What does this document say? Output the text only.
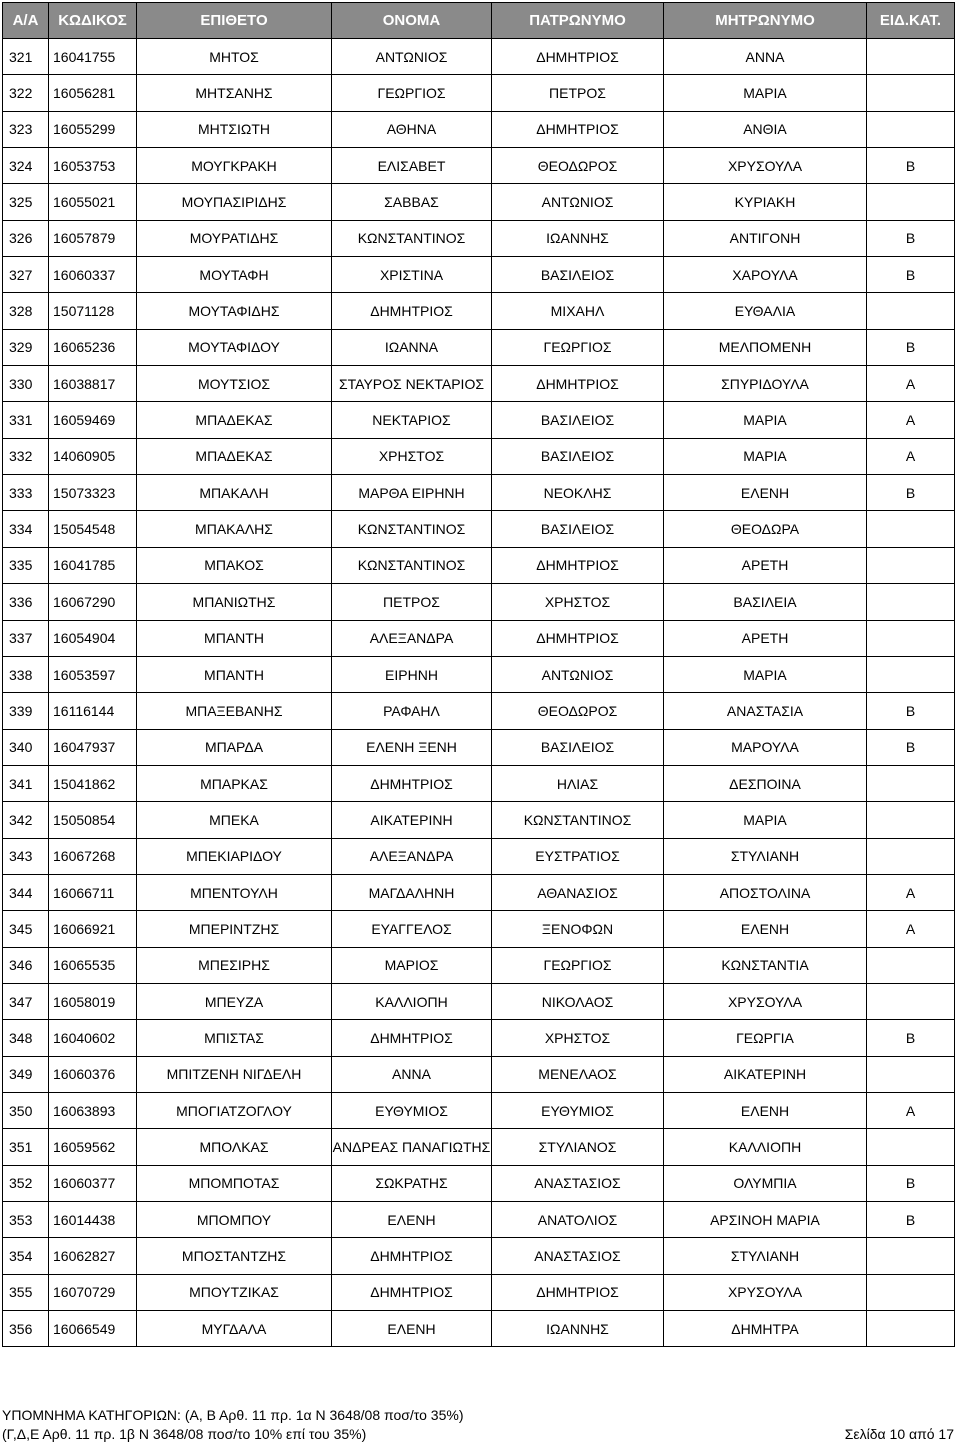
Α/Α	ΚΩΔΙΚΟΣ	ΕΠΙΘΕΤΟ	ΟΝΟΜΑ	ΠΑΤΡΩΝΥΜΟ	ΜΗΤΡΩΝΥΜΟ	ΕΙΔ.ΚΑΤ.
321	16041755	ΜΗΤΟΣ	ΑΝΤΩΝΙΟΣ	ΔΗΜΗΤΡΙΟΣ	ΑΝΝΑ	
322	16056281	ΜΗΤΣΑΝΗΣ	ΓΕΩΡΓΙΟΣ	ΠΕΤΡΟΣ	ΜΑΡΙΑ	
323	16055299	ΜΗΤΣΙΩΤΗ	ΑΘΗΝΑ	ΔΗΜΗΤΡΙΟΣ	ΑΝΘΙΑ	
324	16053753	ΜΟΥΓΚΡΑΚΗ	ΕΛΙΣΑΒΕΤ	ΘΕΟΔΩΡΟΣ	ΧΡΥΣΟΥΛΑ	Β
325	16055021	ΜΟΥΠΑΣΙΡΙΔΗΣ	ΣΑΒΒΑΣ	ΑΝΤΩΝΙΟΣ	ΚΥΡΙΑΚΗ	
326	16057879	ΜΟΥΡΑΤΙΔΗΣ	ΚΩΝΣΤΑΝΤΙΝΟΣ	ΙΩΑΝΝΗΣ	ΑΝΤΙΓΟΝΗ	Β
327	16060337	ΜΟΥΤΑΦΗ	ΧΡΙΣΤΙΝΑ	ΒΑΣΙΛΕΙΟΣ	ΧΑΡΟΥΛΑ	Β
328	15071128	ΜΟΥΤΑΦΙΔΗΣ	ΔΗΜΗΤΡΙΟΣ	ΜΙΧΑΗΛ	ΕΥΘΑΛΙΑ	
329	16065236	ΜΟΥΤΑΦΙΔΟΥ	ΙΩΑΝΝΑ	ΓΕΩΡΓΙΟΣ	ΜΕΛΠΟΜΕΝΗ	Β
330	16038817	ΜΟΥΤΣΙΟΣ	ΣΤΑΥΡΟΣ ΝΕΚΤΑΡΙΟΣ	ΔΗΜΗΤΡΙΟΣ	ΣΠΥΡΙΔΟΥΛΑ	Α
331	16059469	ΜΠΑΔΕΚΑΣ	ΝΕΚΤΑΡΙΟΣ	ΒΑΣΙΛΕΙΟΣ	ΜΑΡΙΑ	Α
332	14060905	ΜΠΑΔΕΚΑΣ	ΧΡΗΣΤΟΣ	ΒΑΣΙΛΕΙΟΣ	ΜΑΡΙΑ	Α
333	15073323	ΜΠΑΚΑΛΗ	ΜΑΡΘΑ ΕΙΡΗΝΗ	ΝΕΟΚΛΗΣ	ΕΛΕΝΗ	Β
334	15054548	ΜΠΑΚΑΛΗΣ	ΚΩΝΣΤΑΝΤΙΝΟΣ	ΒΑΣΙΛΕΙΟΣ	ΘΕΟΔΩΡΑ	
335	16041785	ΜΠΑΚΟΣ	ΚΩΝΣΤΑΝΤΙΝΟΣ	ΔΗΜΗΤΡΙΟΣ	ΑΡΕΤΗ	
336	16067290	ΜΠΑΝΙΩΤΗΣ	ΠΕΤΡΟΣ	ΧΡΗΣΤΟΣ	ΒΑΣΙΛΕΙΑ	
337	16054904	ΜΠΑΝΤΗ	ΑΛΕΞΑΝΔΡΑ	ΔΗΜΗΤΡΙΟΣ	ΑΡΕΤΗ	
338	16053597	ΜΠΑΝΤΗ	ΕΙΡΗΝΗ	ΑΝΤΩΝΙΟΣ	ΜΑΡΙΑ	
339	16116144	ΜΠΑΞΕΒΑΝΗΣ	ΡΑΦΑΗΛ	ΘΕΟΔΩΡΟΣ	ΑΝΑΣΤΑΣΙΑ	Β
340	16047937	ΜΠΑΡΔΑ	ΕΛΕΝΗ ΞΕΝΗ	ΒΑΣΙΛΕΙΟΣ	ΜΑΡΟΥΛΑ	Β
341	15041862	ΜΠΑΡΚΑΣ	ΔΗΜΗΤΡΙΟΣ	ΗΛΙΑΣ	ΔΕΣΠΟΙΝΑ	
342	15050854	ΜΠΕΚΑ	ΑΙΚΑΤΕΡΙΝΗ	ΚΩΝΣΤΑΝΤΙΝΟΣ	ΜΑΡΙΑ	
343	16067268	ΜΠΕΚΙΑΡΙΔΟΥ	ΑΛΕΞΑΝΔΡΑ	ΕΥΣΤΡΑΤΙΟΣ	ΣΤΥΛΙΑΝΗ	
344	16066711	ΜΠΕΝΤΟΥΛΗ	ΜΑΓΔΑΛΗΝΗ	ΑΘΑΝΑΣΙΟΣ	ΑΠΟΣΤΟΛΙΝΑ	Α
345	16066921	ΜΠΕΡΙΝΤΖΗΣ	ΕΥΑΓΓΕΛΟΣ	ΞΕΝΟΦΩΝ	ΕΛΕΝΗ	Α
346	16065535	ΜΠΕΣΙΡΗΣ	ΜΑΡΙΟΣ	ΓΕΩΡΓΙΟΣ	ΚΩΝΣΤΑΝΤΙΑ	
347	16058019	ΜΠΕΥΖΑ	ΚΑΛΛΙΟΠΗ	ΝΙΚΟΛΑΟΣ	ΧΡΥΣΟΥΛΑ	
348	16040602	ΜΠΙΣΤΑΣ	ΔΗΜΗΤΡΙΟΣ	ΧΡΗΣΤΟΣ	ΓΕΩΡΓΙΑ	Β
349	16060376	ΜΠΙΤΖΕΝΗ ΝΙΓΔΕΛΗ	ΑΝΝΑ	ΜΕΝΕΛΑΟΣ	ΑΙΚΑΤΕΡΙΝΗ	
350	16063893	ΜΠΟΓΙΑΤΖΟΓΛΟΥ	ΕΥΘΥΜΙΟΣ	ΕΥΘΥΜΙΟΣ	ΕΛΕΝΗ	Α
351	16059562	ΜΠΟΛΚΑΣ	ΑΝΔΡΕΑΣ ΠΑΝΑΓΙΩΤΗΣ	ΣΤΥΛΙΑΝΟΣ	ΚΑΛΛΙΟΠΗ	
352	16060377	ΜΠΟΜΠΟΤΑΣ	ΣΩΚΡΑΤΗΣ	ΑΝΑΣΤΑΣΙΟΣ	ΟΛΥΜΠΙΑ	Β
353	16014438	ΜΠΟΜΠΟΥ	ΕΛΕΝΗ	ΑΝΑΤΟΛΙΟΣ	ΑΡΣΙΝΟΗ ΜΑΡΙΑ	Β
354	16062827	ΜΠΟΣΤΑΝΤΖΗΣ	ΔΗΜΗΤΡΙΟΣ	ΑΝΑΣΤΑΣΙΟΣ	ΣΤΥΛΙΑΝΗ	
355	16070729	ΜΠΟΥΤΖΙΚΑΣ	ΔΗΜΗΤΡΙΟΣ	ΔΗΜΗΤΡΙΟΣ	ΧΡΥΣΟΥΛΑ	
356	16066549	ΜΥΓΔΑΛΑ	ΕΛΕΝΗ	ΙΩΑΝΝΗΣ	ΔΗΜΗΤΡΑ	
ΥΠΟΜΝΗΜΑ ΚΑΤΗΓΟΡΙΩΝ: (Α, Β Αρθ. 11 πρ. 1α Ν 3648/08 ποσ/το 35%)
(Γ,Δ,Ε Αρθ. 11 πρ. 1β Ν 3648/08 ποσ/το 10% επί του 35%)	Σελίδα 10 από 17
